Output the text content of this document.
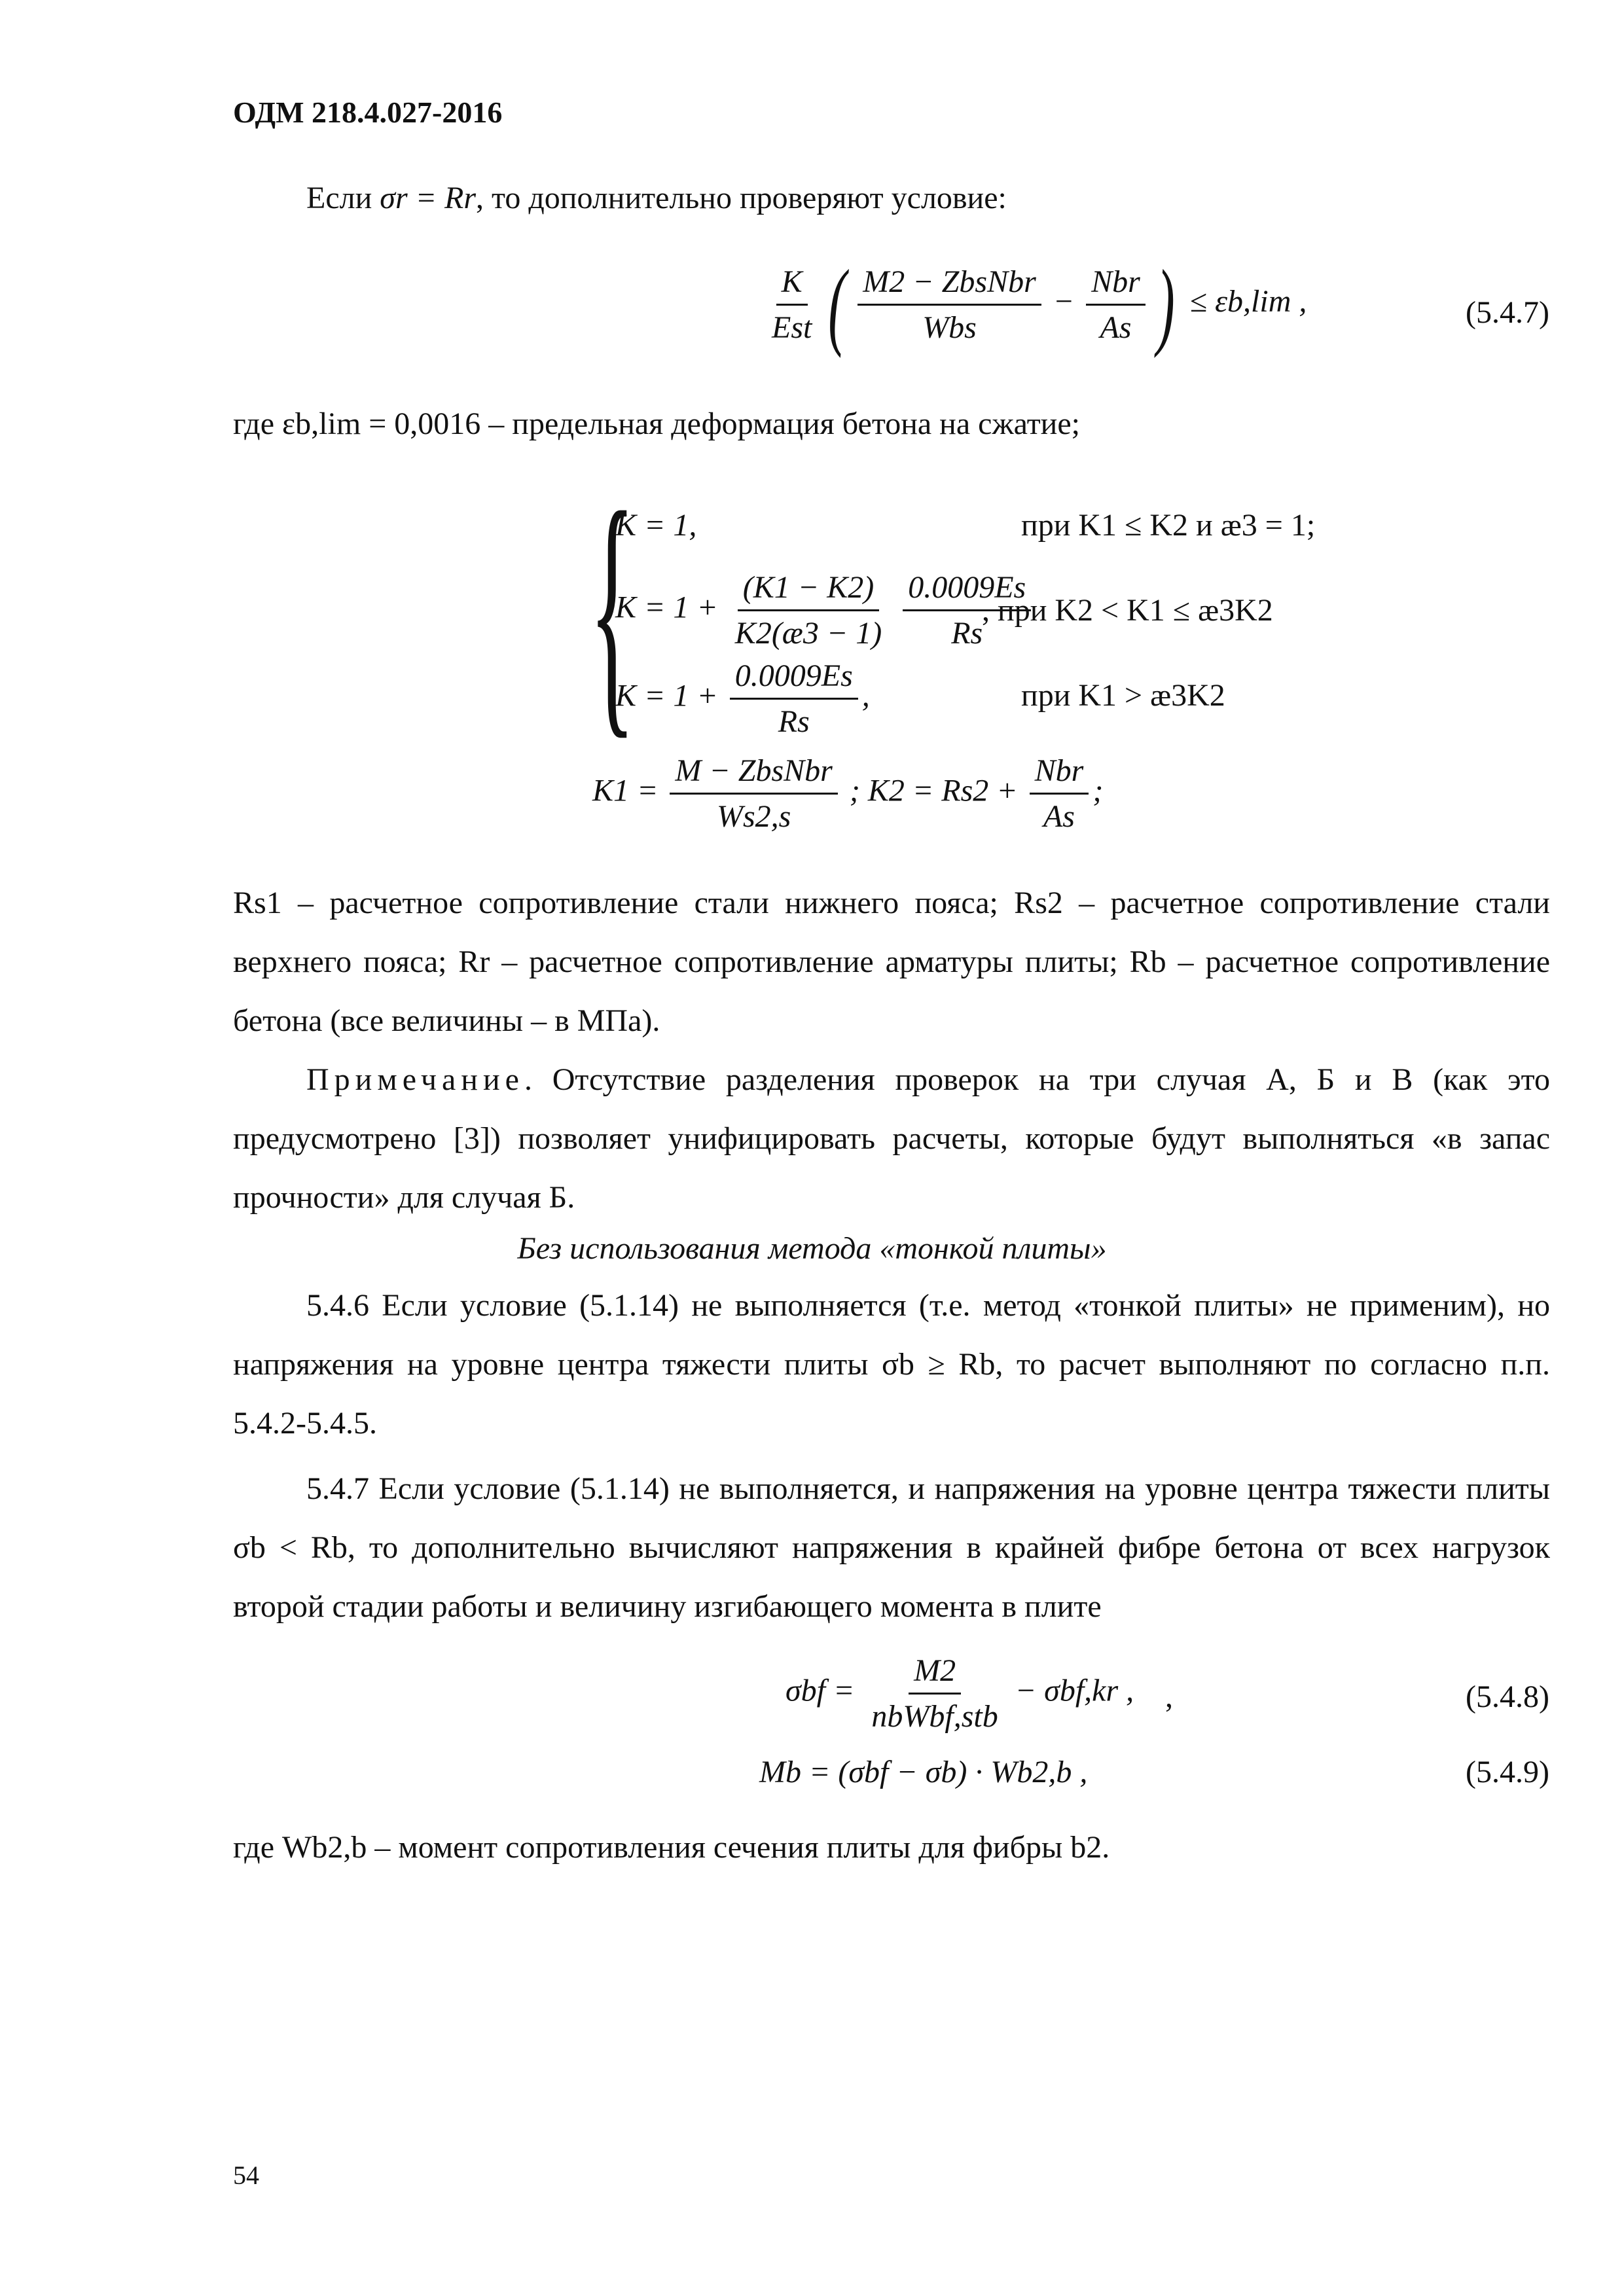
ОДМ 218.4.027-2016
Если σr = Rr, то дополнительно проверяют условие:
$\frac{K}{\text{Est}}$ ( $\frac{\text{M2 − ZbsNbr}}{\text{Wbs}} - \frac{\text{Nbr}}{As}$ ) ≤ εb,lim ,	(5.4.7)
где εb,lim = 0,0016 – предельная деформация бетона на сжатие;
{
K = 1,	при K1 ≤ K2 и æ3 = 1;
$K = 1 + \frac{(K1 - K2)}{K2(æ3 - 1)}$
$\frac{0.0009Es}{Rs}$
, при K2 < K1 ≤ æ3K2
$K = 1 + \frac{0.0009Es}{Rs}$ ,	при K1 > æ3K2
$K1 = \frac{\text{M − ZbsNbr}}{Ws2,s}$ ; $K2 = Rs2 + \frac{\text{Nbr}}{As}$ ;
Rs1 – расчетное сопротивление стали нижнего пояса; Rs2 – расчетное сопротивление стали верхнего пояса; Rr – расчетное сопротивление арматуры плиты; Rb – расчетное сопротивление бетона (все величины – в МПа).
Примечание. Отсутствие разделения проверок на три случая А, Б и В (как это предусмотрено [3]) позволяет унифицировать расчеты, которые будут выполняться «в запас прочности» для случая Б.
Без использования метода «тонкой плиты»
5.4.6 Если условие (5.1.14) не выполняется (т.е. метод «тонкой плиты» не применим), но напряжения на уровне центра тяжести плиты σb ≥ Rb, то расчет выполняют по согласно п.п. 5.4.2-5.4.5.
5.4.7 Если условие (5.1.14) не выполняется, и напряжения на уровне центра тяжести плиты σb < Rb, то дополнительно вычисляют напряжения в крайней фибре бетона от всех нагрузок второй стадии работы и величину изгибающего момента в плите
$\sigma bf = \frac{M2}{\text{nbWbf,stb}} - \sigma bf,kr$ , ,	(5.4.8)
Mb = (σbf − σb) · Wb2,b ,	(5.4.9)
где Wb2,b – момент сопротивления сечения плиты для фибры b2.
54
